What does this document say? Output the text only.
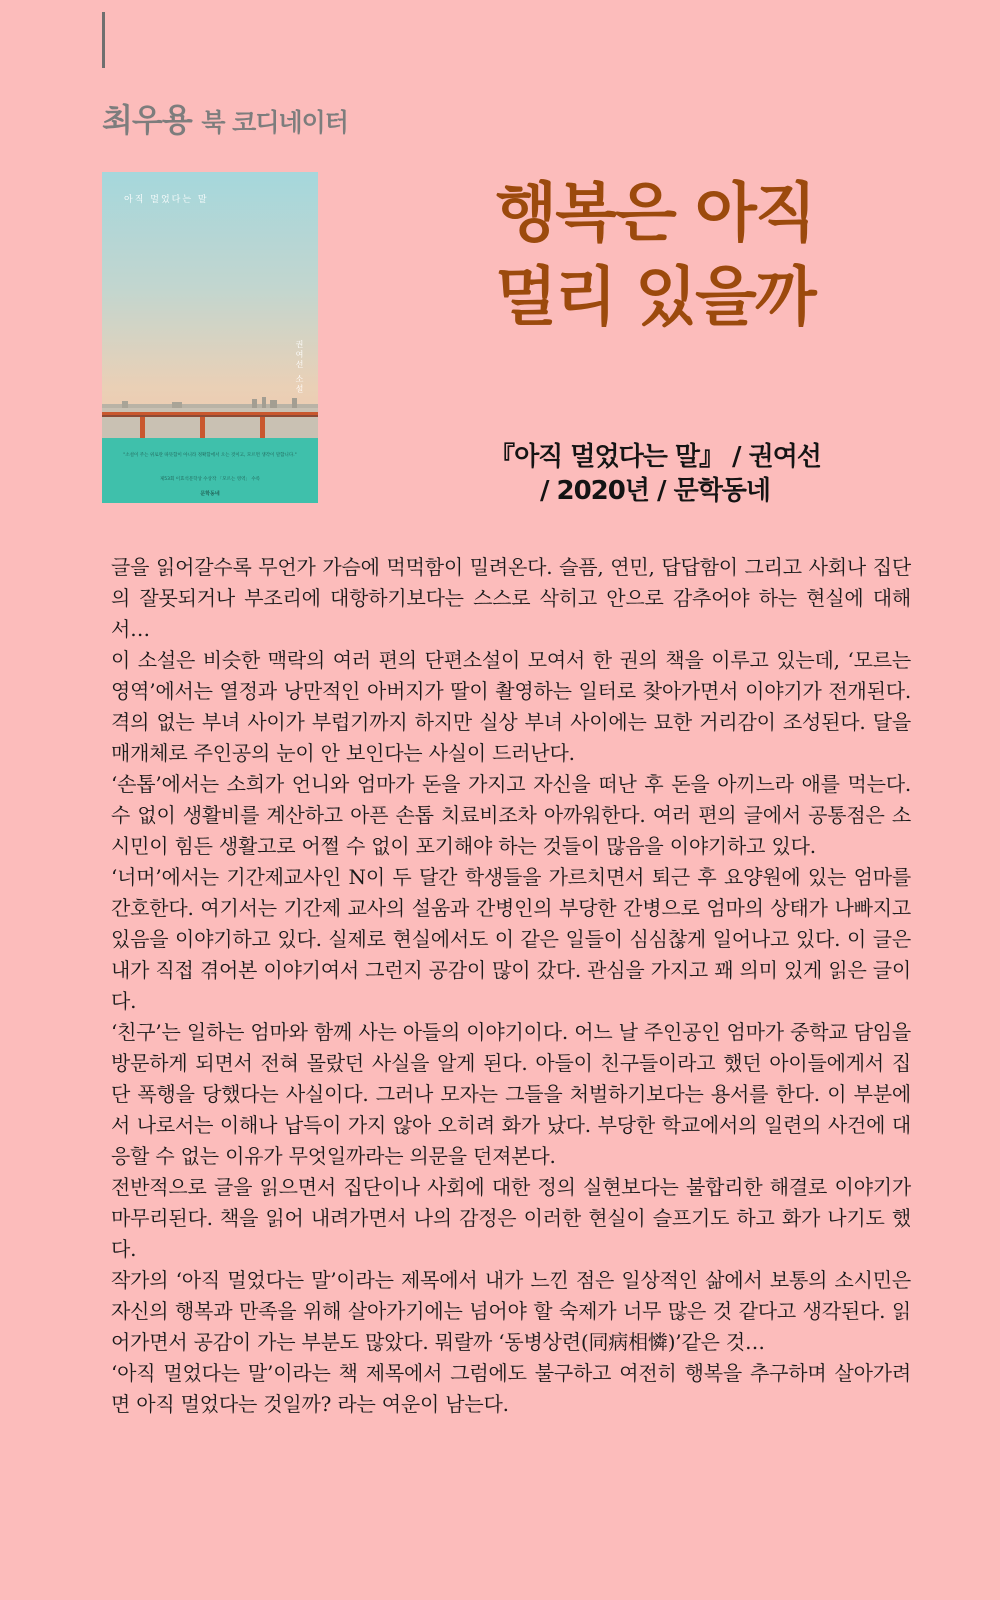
최우용 북 코디네이터
아직 멀었다는 말
권여선 소설
"소설이 주는 위로란 따뜻함이 아니라 정확함에서 오는 것이고, 모르면 생각이 말합니다."
제53회 이효석문학상 수상작 「모르는 영역」 수록
문학동네
행복은 아직
멀리 있을까
『아직 멀었다는 말』 / 권여선
/ 2020년 / 문학동네

글을 읽어갈수록 무언가 가슴에 먹먹함이 밀려온다. 슬픔, 연민, 답답함이 그리고 사회나 집단의 잘못되거나 부조리에 대항하기보다는 스스로 삭히고 안으로 감추어야 하는 현실에 대해서…

이 소설은 비슷한 맥락의 여러 편의 단편소설이 모여서 한 권의 책을 이루고 있는데, ‘모르는 영역’에서는 열정과 낭만적인 아버지가 딸이 촬영하는 일터로 찾아가면서 이야기가 전개된다. 격의 없는 부녀 사이가 부럽기까지 하지만 실상 부녀 사이에는 묘한 거리감이 조성된다. 달을 매개체로 주인공의 눈이 안 보인다는 사실이 드러난다.

‘손톱’에서는 소희가 언니와 엄마가 돈을 가지고 자신을 떠난 후 돈을 아끼느라 애를 먹는다. 수 없이 생활비를 계산하고 아픈 손톱 치료비조차 아까워한다. 여러 편의 글에서 공통점은 소시민이 힘든 생활고로 어쩔 수 없이 포기해야 하는 것들이 많음을 이야기하고 있다.

‘너머’에서는 기간제교사인 N이 두 달간 학생들을 가르치면서 퇴근 후 요양원에 있는 엄마를 간호한다. 여기서는 기간제 교사의 설움과 간병인의 부당한 간병으로 엄마의 상태가 나빠지고 있음을 이야기하고 있다. 실제로 현실에서도 이 같은 일들이 심심찮게 일어나고 있다. 이 글은 내가 직접 겪어본 이야기여서 그런지 공감이 많이 갔다. 관심을 가지고 꽤 의미 있게 읽은 글이다.

‘친구’는 일하는 엄마와 함께 사는 아들의 이야기이다. 어느 날 주인공인 엄마가 중학교 담임을 방문하게 되면서 전혀 몰랐던 사실을 알게 된다. 아들이 친구들이라고 했던 아이들에게서 집단 폭행을 당했다는 사실이다. 그러나 모자는 그들을 처벌하기보다는 용서를 한다. 이 부분에서 나로서는 이해나 납득이 가지 않아 오히려 화가 났다. 부당한 학교에서의 일련의 사건에 대응할 수 없는 이유가 무엇일까라는 의문을 던져본다.

전반적으로 글을 읽으면서 집단이나 사회에 대한 정의 실현보다는 불합리한 해결로 이야기가 마무리된다. 책을 읽어 내려가면서 나의 감정은 이러한 현실이 슬프기도 하고 화가 나기도 했다.

작가의 ‘아직 멀었다는 말’이라는 제목에서 내가 느낀 점은 일상적인 삶에서 보통의 소시민은 자신의 행복과 만족을 위해 살아가기에는 넘어야 할 숙제가 너무 많은 것 같다고 생각된다. 읽어가면서 공감이 가는 부분도 많았다. 뭐랄까 ‘동병상련(同病相憐)’같은 것…

‘아직 멀었다는 말’이라는 책 제목에서 그럼에도 불구하고 여전히 행복을 추구하며 살아가려면 아직 멀었다는 것일까? 라는 여운이 남는다.
